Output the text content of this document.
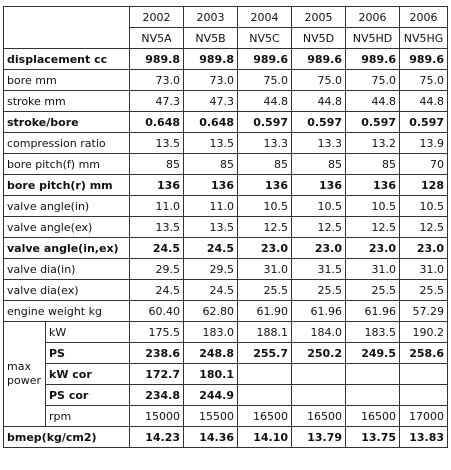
		2002	2003	2004	2005	2006	2006
		NV5A	NV5B	NV5C	NV5D	NV5HD	NV5HG
displacement cc		989.8	989.8	989.6	989.6	989.6	989.6
bore mm		73.0	73.0	75.0	75.0	75.0	75.0
stroke mm		47.3	47.3	44.8	44.8	44.8	44.8
stroke/bore		0.648	0.648	0.597	0.597	0.597	0.597
compression ratio		13.5	13.5	13.3	13.3	13.2	13.9
bore pitch(f) mm		85	85	85	85	85	70
bore pitch(r) mm		136	136	136	136	136	128
valve angle(in)		11.0	11.0	10.5	10.5	10.5	10.5
valve angle(ex)		13.5	13.5	12.5	12.5	12.5	12.5
valve angle(in,ex)		24.5	24.5	23.0	23.0	23.0	23.0
valve dia(in)		29.5	29.5	31.0	31.5	31.0	31.0
valve dia(ex)		24.5	24.5	25.5	25.5	25.5	25.5
engine weight kg		60.40	62.80	61.90	61.96	61.96	57.29
max
power	kW	175.5	183.0	188.1	184.0	183.5	190.2
	PS	238.6	248.8	255.7	250.2	249.5	258.6
	kW cor	172.7	180.1				
	PS cor	234.8	244.9				
	rpm	15000	15500	16500	16500	16500	17000
bmep(kg/cm2)		14.23	14.36	14.10	13.79	13.75	13.83
